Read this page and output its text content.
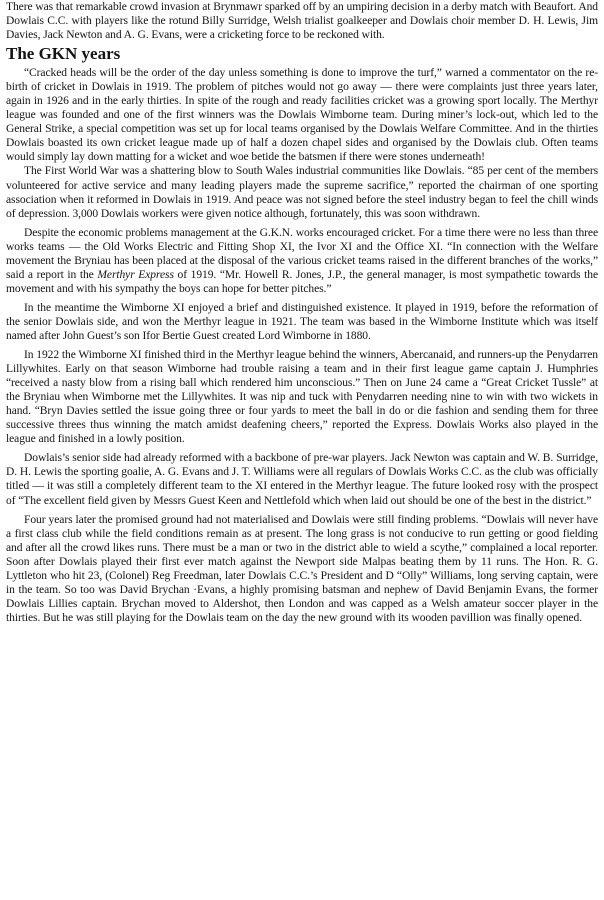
There was that remarkable crowd invasion at Brynmawr sparked off by an umpiring decision in a derby match with Beaufort. And Dowlais C.C. with players like the rotund Billy Surridge, Welsh trialist goalkeeper and Dowlais choir member D. H. Lewis, Jim Davies, Jack Newton and A. G. Evans, were a cricketing force to be reckoned with.

The GKN years

“Cracked heads will be the order of the day unless something is done to improve the turf,” warned a commentator on the re-birth of cricket in Dowlais in 1919. The problem of pitches would not go away — there were complaints just three years later, again in 1926 and in the early thirties. In spite of the rough and ready facilities cricket was a growing sport locally. The Merthyr league was founded and one of the first winners was the Dowlais Wimborne team. During miner’s lock-out, which led to the General Strike, a special competition was set up for local teams organised by the Dowlais Welfare Committee. And in the thirties Dowlais boasted its own cricket league made up of half a dozen chapel sides and organised by the Dowlais club. Often teams would simply lay down matting for a wicket and woe betide the batsmen if there were stones underneath!

The First World War was a shattering blow to South Wales industrial communities like Dowlais. “85 per cent of the members volunteered for active service and many leading players made the supreme sacrifice,” reported the chairman of one sporting association when it reformed in Dowlais in 1919. And peace was not signed before the steel industry began to feel the chill winds of depression. 3,000 Dowlais workers were given notice although, fortunately, this was soon withdrawn.

Despite the economic problems management at the G.K.N. works encouraged cricket. For a time there were no less than three works teams — the Old Works Electric and Fitting Shop XI, the Ivor XI and the Office XI. “In connection with the Welfare movement the Bryniau has been placed at the disposal of the various cricket teams raised in the different branches of the works,” said a report in the Merthyr Express of 1919. “Mr. Howell R. Jones, J.P., the general manager, is most sympathetic towards the movement and with his sympathy the boys can hope for better pitches.”

In the meantime the Wimborne XI enjoyed a brief and distinguished existence. It played in 1919, before the reformation of the senior Dowlais side, and won the Merthyr league in 1921. The team was based in the Wimborne Institute which was itself named after John Guest’s son Ifor Bertie Guest created Lord Wimborne in 1880.

In 1922 the Wimborne XI finished third in the Merthyr league behind the winners, Abercanaid, and runners-up the Penydarren Lillywhites. Early on that season Wimborne had trouble raising a team and in their first league game captain J. Humphries “received a nasty blow from a rising ball which rendered him unconscious.” Then on June 24 came a “Great Cricket Tussle” at the Bryniau when Wimborne met the Lillywhites. It was nip and tuck with Penydarren needing nine to win with two wickets in hand. “Bryn Davies settled the issue going three or four yards to meet the ball in do or die fashion and sending them for three successive threes thus winning the match amidst deafening cheers,” reported the Express. Dowlais Works also played in the league and finished in a lowly position.

Dowlais’s senior side had already reformed with a backbone of pre-war players. Jack Newton was captain and W. B. Surridge, D. H. Lewis the sporting goalie, A. G. Evans and J. T. Williams were all regulars of Dowlais Works C.C. as the club was officially titled — it was still a completely different team to the XI entered in the Merthyr league. The future looked rosy with the prospect of “The excellent field given by Messrs Guest Keen and Nettlefold which when laid out should be one of the best in the district.”

Four years later the promised ground had not materialised and Dowlais were still finding problems. “Dowlais will never have a first class club while the field conditions remain as at present. The long grass is not conducive to run getting or good fielding and after all the crowd likes runs. There must be a man or two in the district able to wield a scythe,” complained a local reporter. Soon after Dowlais played their first ever match against the Newport side Malpas beating them by 11 runs. The Hon. R. G. Lyttleton who hit 23, (Colonel) Reg Freedman, later Dowlais C.C.’s President and D “Olly” Williams, long serving captain, were in the team. So too was David Brychan ·Evans, a highly promising batsman and nephew of David Benjamin Evans, the former Dowlais Lillies captain. Brychan moved to Aldershot, then London and was capped as a Welsh amateur soccer player in the thirties. But he was still playing for the Dowlais team on the day the new ground with its wooden pavillion was finally opened.
